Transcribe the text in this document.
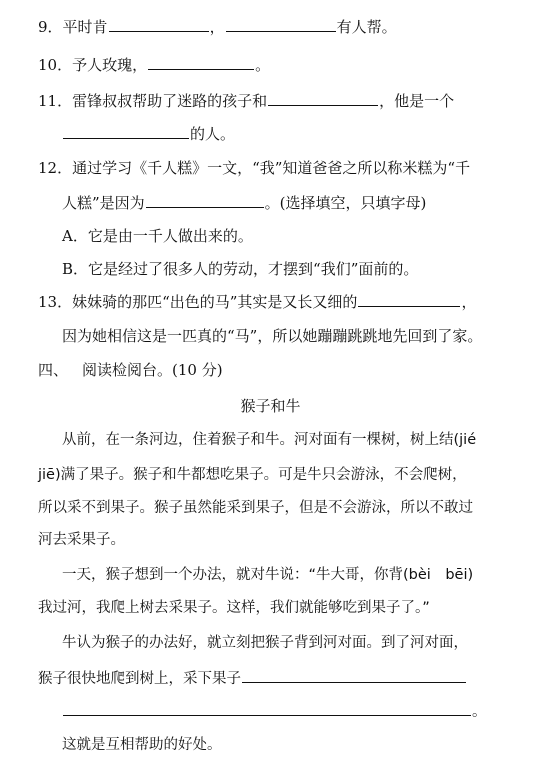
9．平时肯	，	有人帮。
10．予人玫瑰，	。
11．雷锋叔叔帮助了迷路的孩子和	，他是一个
的人。
12．通过学习《千人糕》一文，“我”知道爸爸之所以称米糕为“千
人糕”是因为	。(选择填空，只填字母)
A．它是由一千人做出来的。
B．它是经过了很多人的劳动，才摆到“我们”面前的。
13．妹妹骑的那匹“出色的马”其实是又长又细的	，
因为她相信这是一匹真的“马”，所以她蹦蹦跳跳地先回到了家。
四、 阅读检阅台。(10 分)
猴子和牛
从前，在一条河边，住着猴子和牛。河对面有一棵树，树上结(jié
jiē)满了果子。猴子和牛都想吃果子。可是牛只会游泳，不会爬树，
所以采不到果子。猴子虽然能采到果子，但是不会游泳，所以不敢过
河去采果子。
一天，猴子想到一个办法，就对牛说：“牛大哥，你背(bèi　bēi)
我过河，我爬上树去采果子。这样，我们就能够吃到果子了。”
牛认为猴子的办法好，就立刻把猴子背到河对面。到了河对面，
猴子很快地爬到树上，采下果子
。
这就是互相帮助的好处。
